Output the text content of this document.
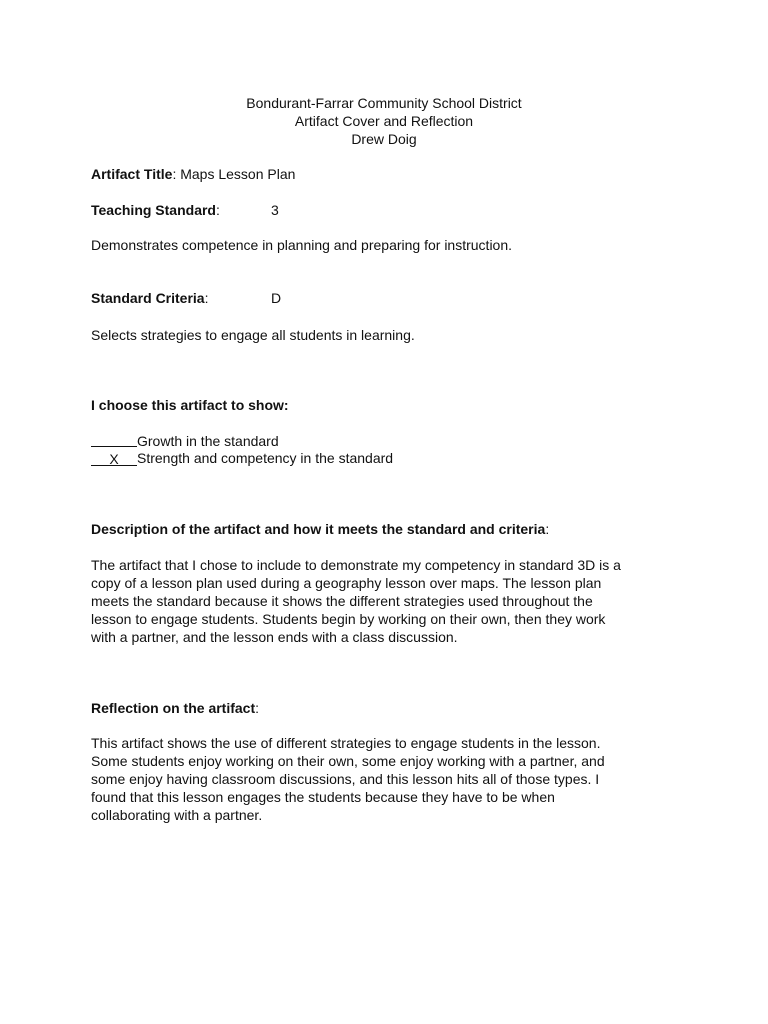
Bondurant-Farrar Community School District
Artifact Cover and Reflection
Drew Doig
Artifact Title: Maps Lesson Plan
Teaching Standard:	3
Demonstrates competence in planning and preparing for instruction.
Standard Criteria:	D
Selects strategies to engage all students in learning.
I choose this artifact to show:
Growth in the standard
X Strength and competency in the standard
Description of the artifact and how it meets the standard and criteria:
The artifact that I chose to include to demonstrate my competency in standard 3D is a
copy of a lesson plan used during a geography lesson over maps. The lesson plan
meets the standard because it shows the different strategies used throughout the
lesson to engage students. Students begin by working on their own, then they work
with a partner, and the lesson ends with a class discussion.
Reflection on the artifact:
This artifact shows the use of different strategies to engage students in the lesson.
Some students enjoy working on their own, some enjoy working with a partner, and
some enjoy having classroom discussions, and this lesson hits all of those types. I
found that this lesson engages the students because they have to be when
collaborating with a partner.
